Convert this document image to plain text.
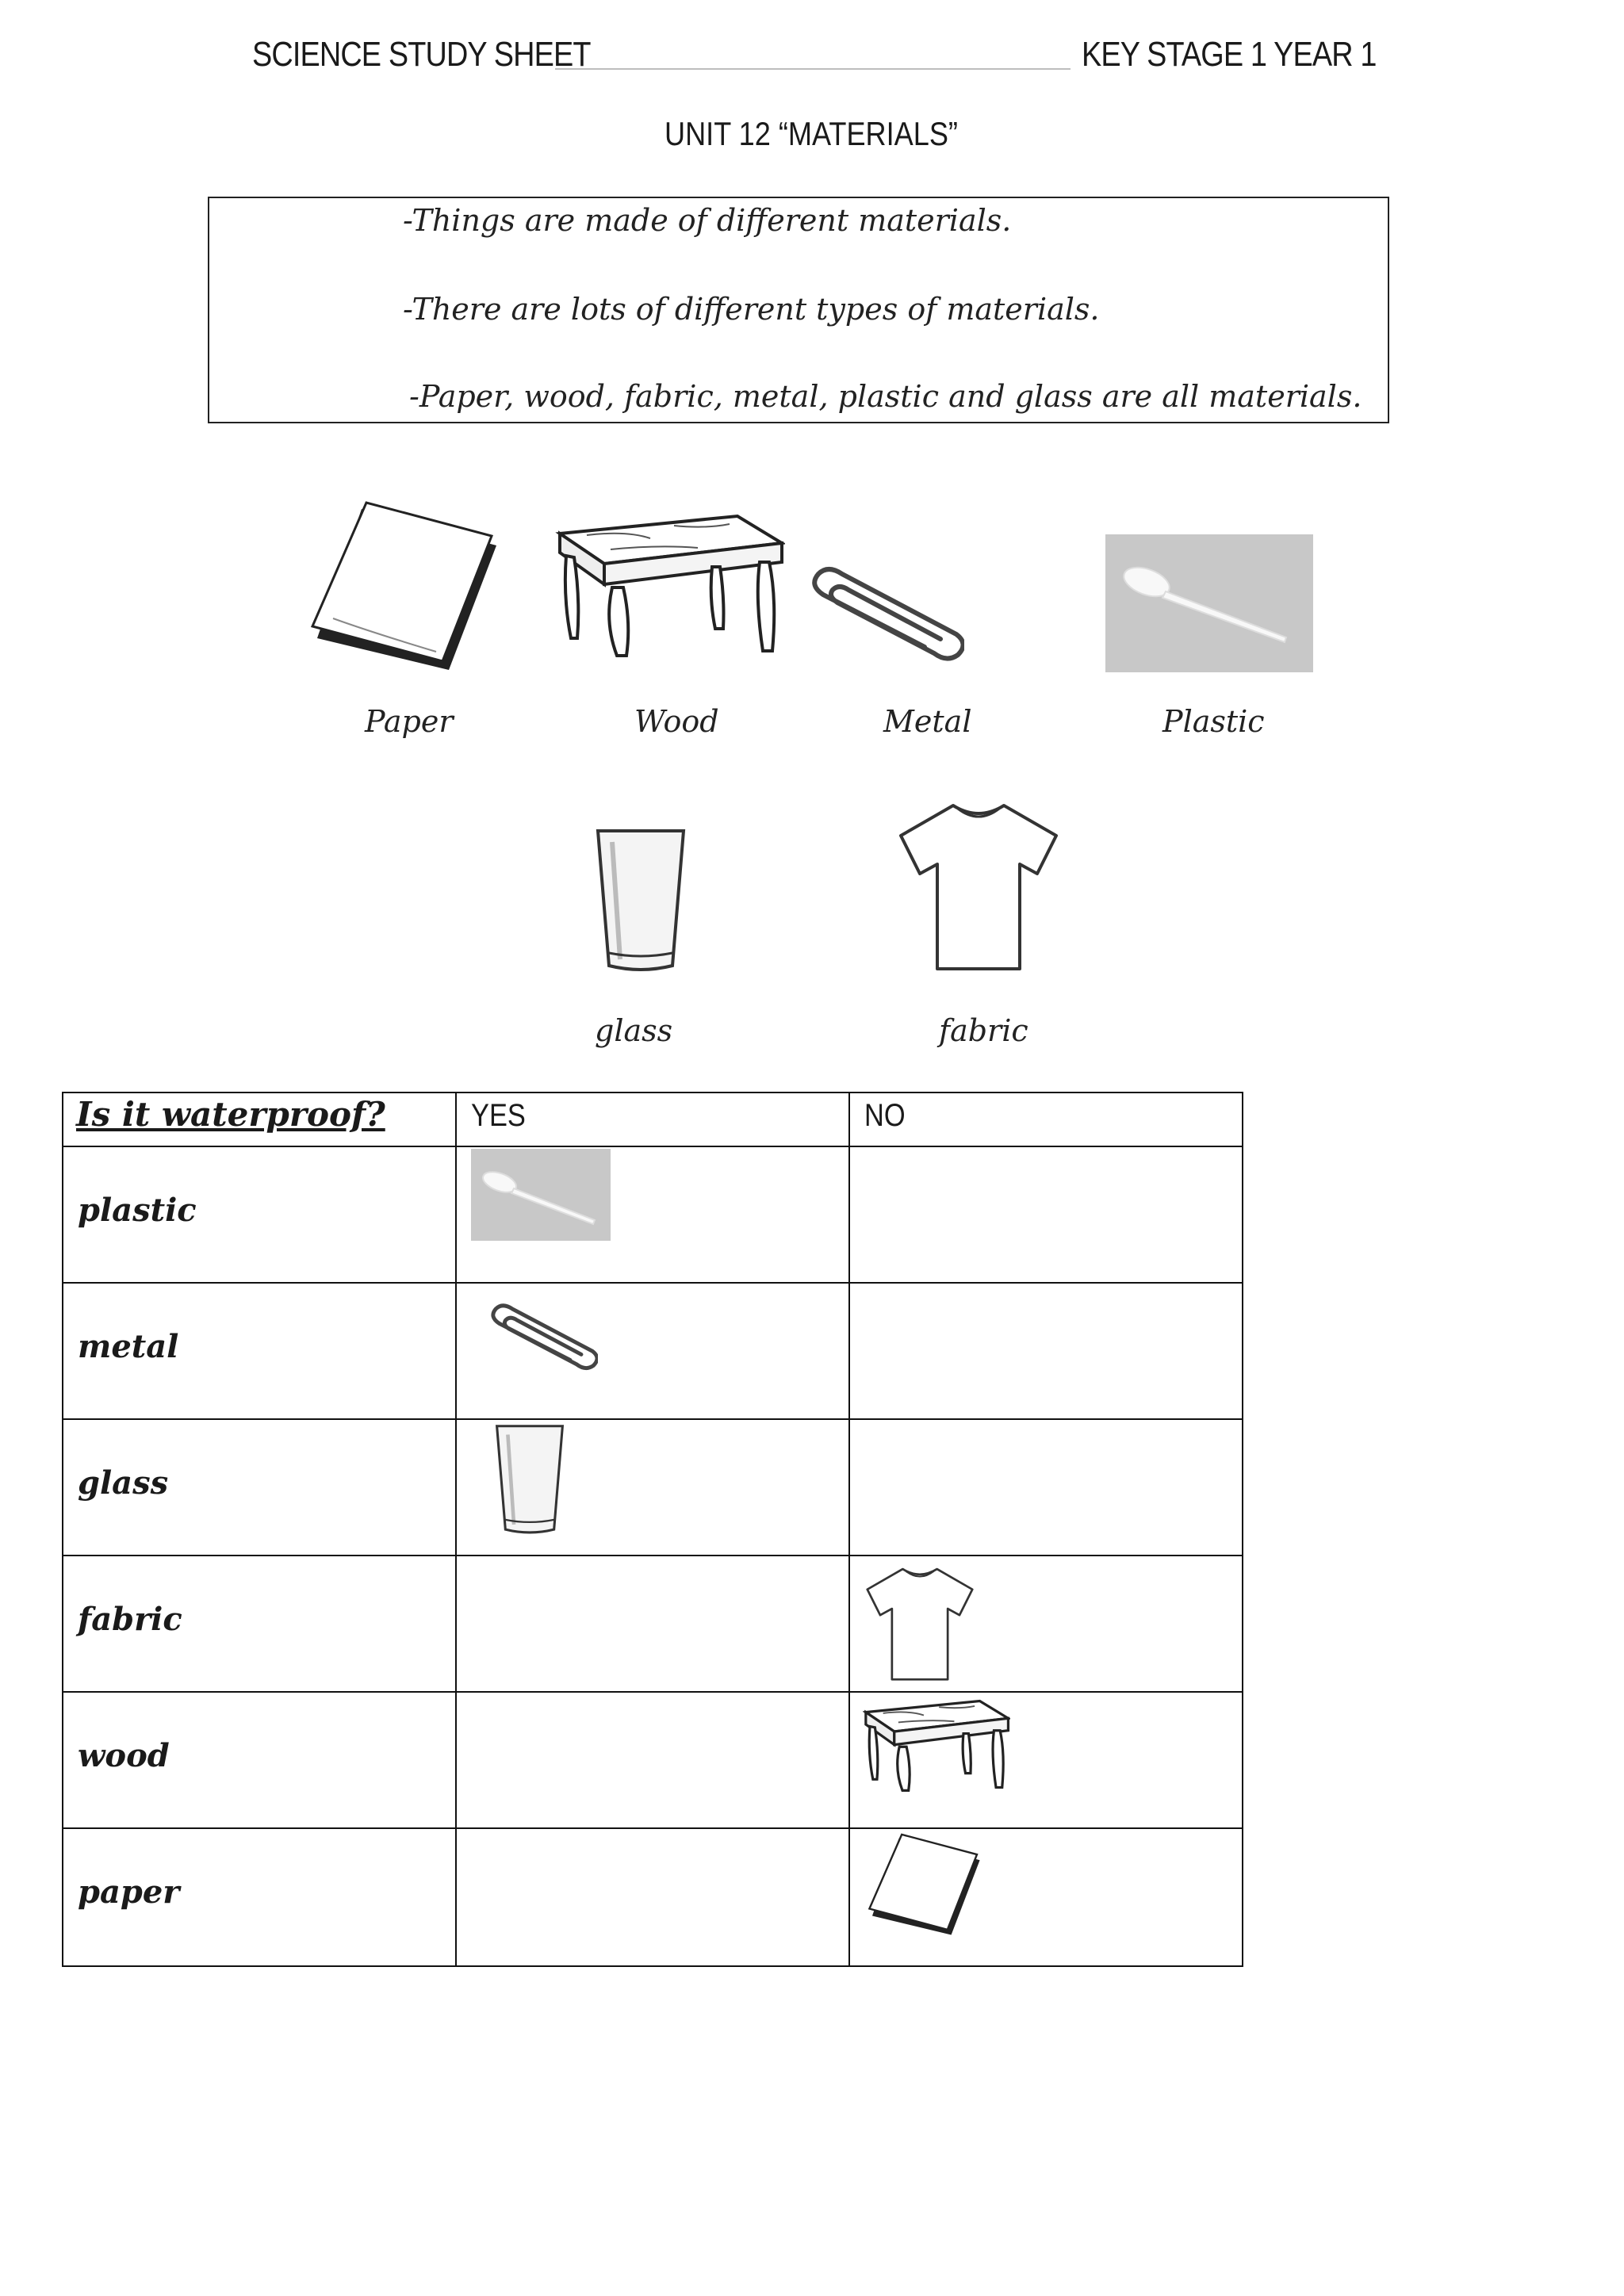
SCIENCE STUDY SHEET	KEY STAGE 1 YEAR 1
UNIT 12 “MATERIALS”
-Things are made of different materials.
-There are lots of different types of materials.
-Paper, wood, fabric, metal, plastic and glass are all materials.
Paper	Wood	Metal	Plastic
glass	fabric
Is it waterproof?	YES	NO
plastic
metal
glass
fabric
wood
paper
